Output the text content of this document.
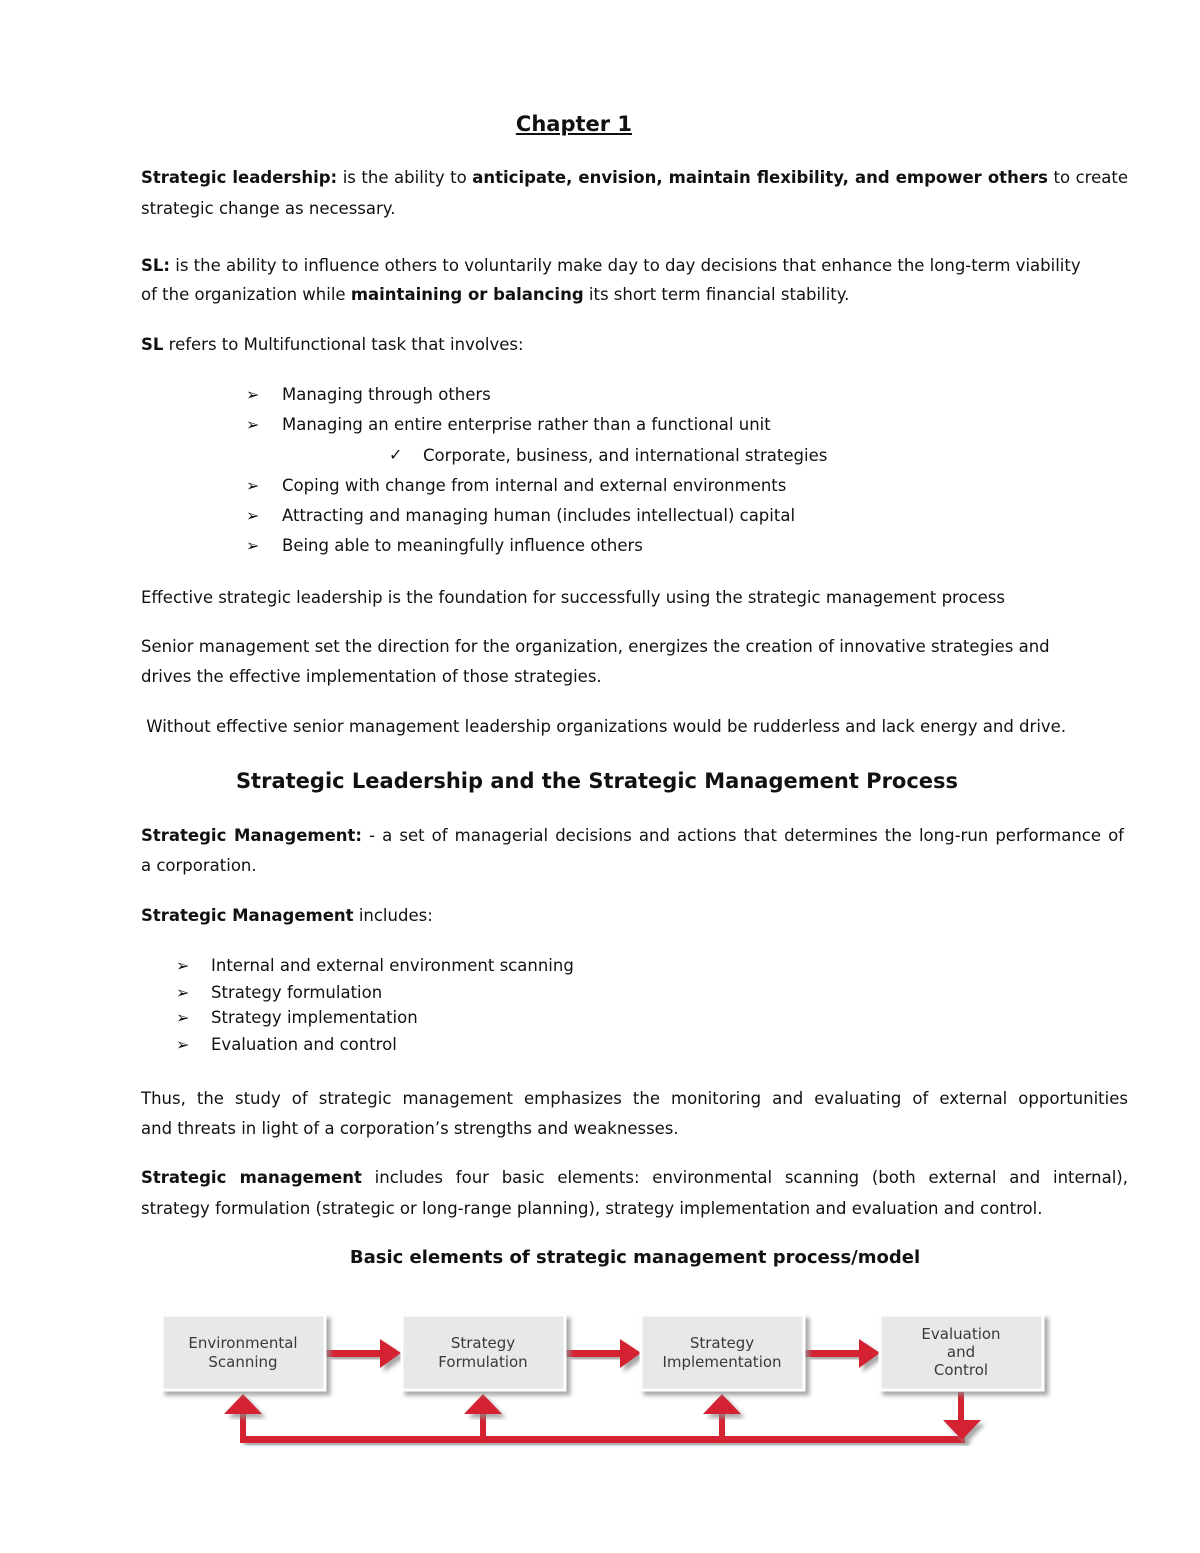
Chapter 1

Strategic leadership: is the ability to anticipate, envision, maintain flexibility, and empower others to create

strategic change as necessary.

SL: is the ability to influence others to voluntarily make day to day decisions that enhance the long-term viability

of the organization while maintaining or balancing its short term financial stability.

SL refers to Multifunctional task that involves:

➢ Managing through others

➢ Managing an entire enterprise rather than a functional unit

✓ Corporate, business, and international strategies

➢ Coping with change from internal and external environments

➢ Attracting and managing human (includes intellectual) capital

➢ Being able to meaningfully influence others

Effective strategic leadership is the foundation for successfully using the strategic management process

Senior management set the direction for the organization, energizes the creation of innovative strategies and

drives the effective implementation of those strategies.

Without effective senior management leadership organizations would be rudderless and lack energy and drive.

Strategic Leadership and the Strategic Management Process

Strategic Management: - a set of managerial decisions and actions that determines the long-run performance of

a corporation.

Strategic Management includes:

➢ Internal and external environment scanning

➢ Strategy formulation

➢ Strategy implementation

➢ Evaluation and control

Thus, the study of strategic management emphasizes the monitoring and evaluating of external opportunities

and threats in light of a corporation’s strengths and weaknesses.

Strategic management includes four basic elements: environmental scanning (both external and internal),

strategy formulation (strategic or long-range planning), strategy implementation and evaluation and control.

Basic elements of strategic management process/model

Environmental
Scanning
Strategy
Formulation
Strategy
Implementation
Evaluation
and
Control
